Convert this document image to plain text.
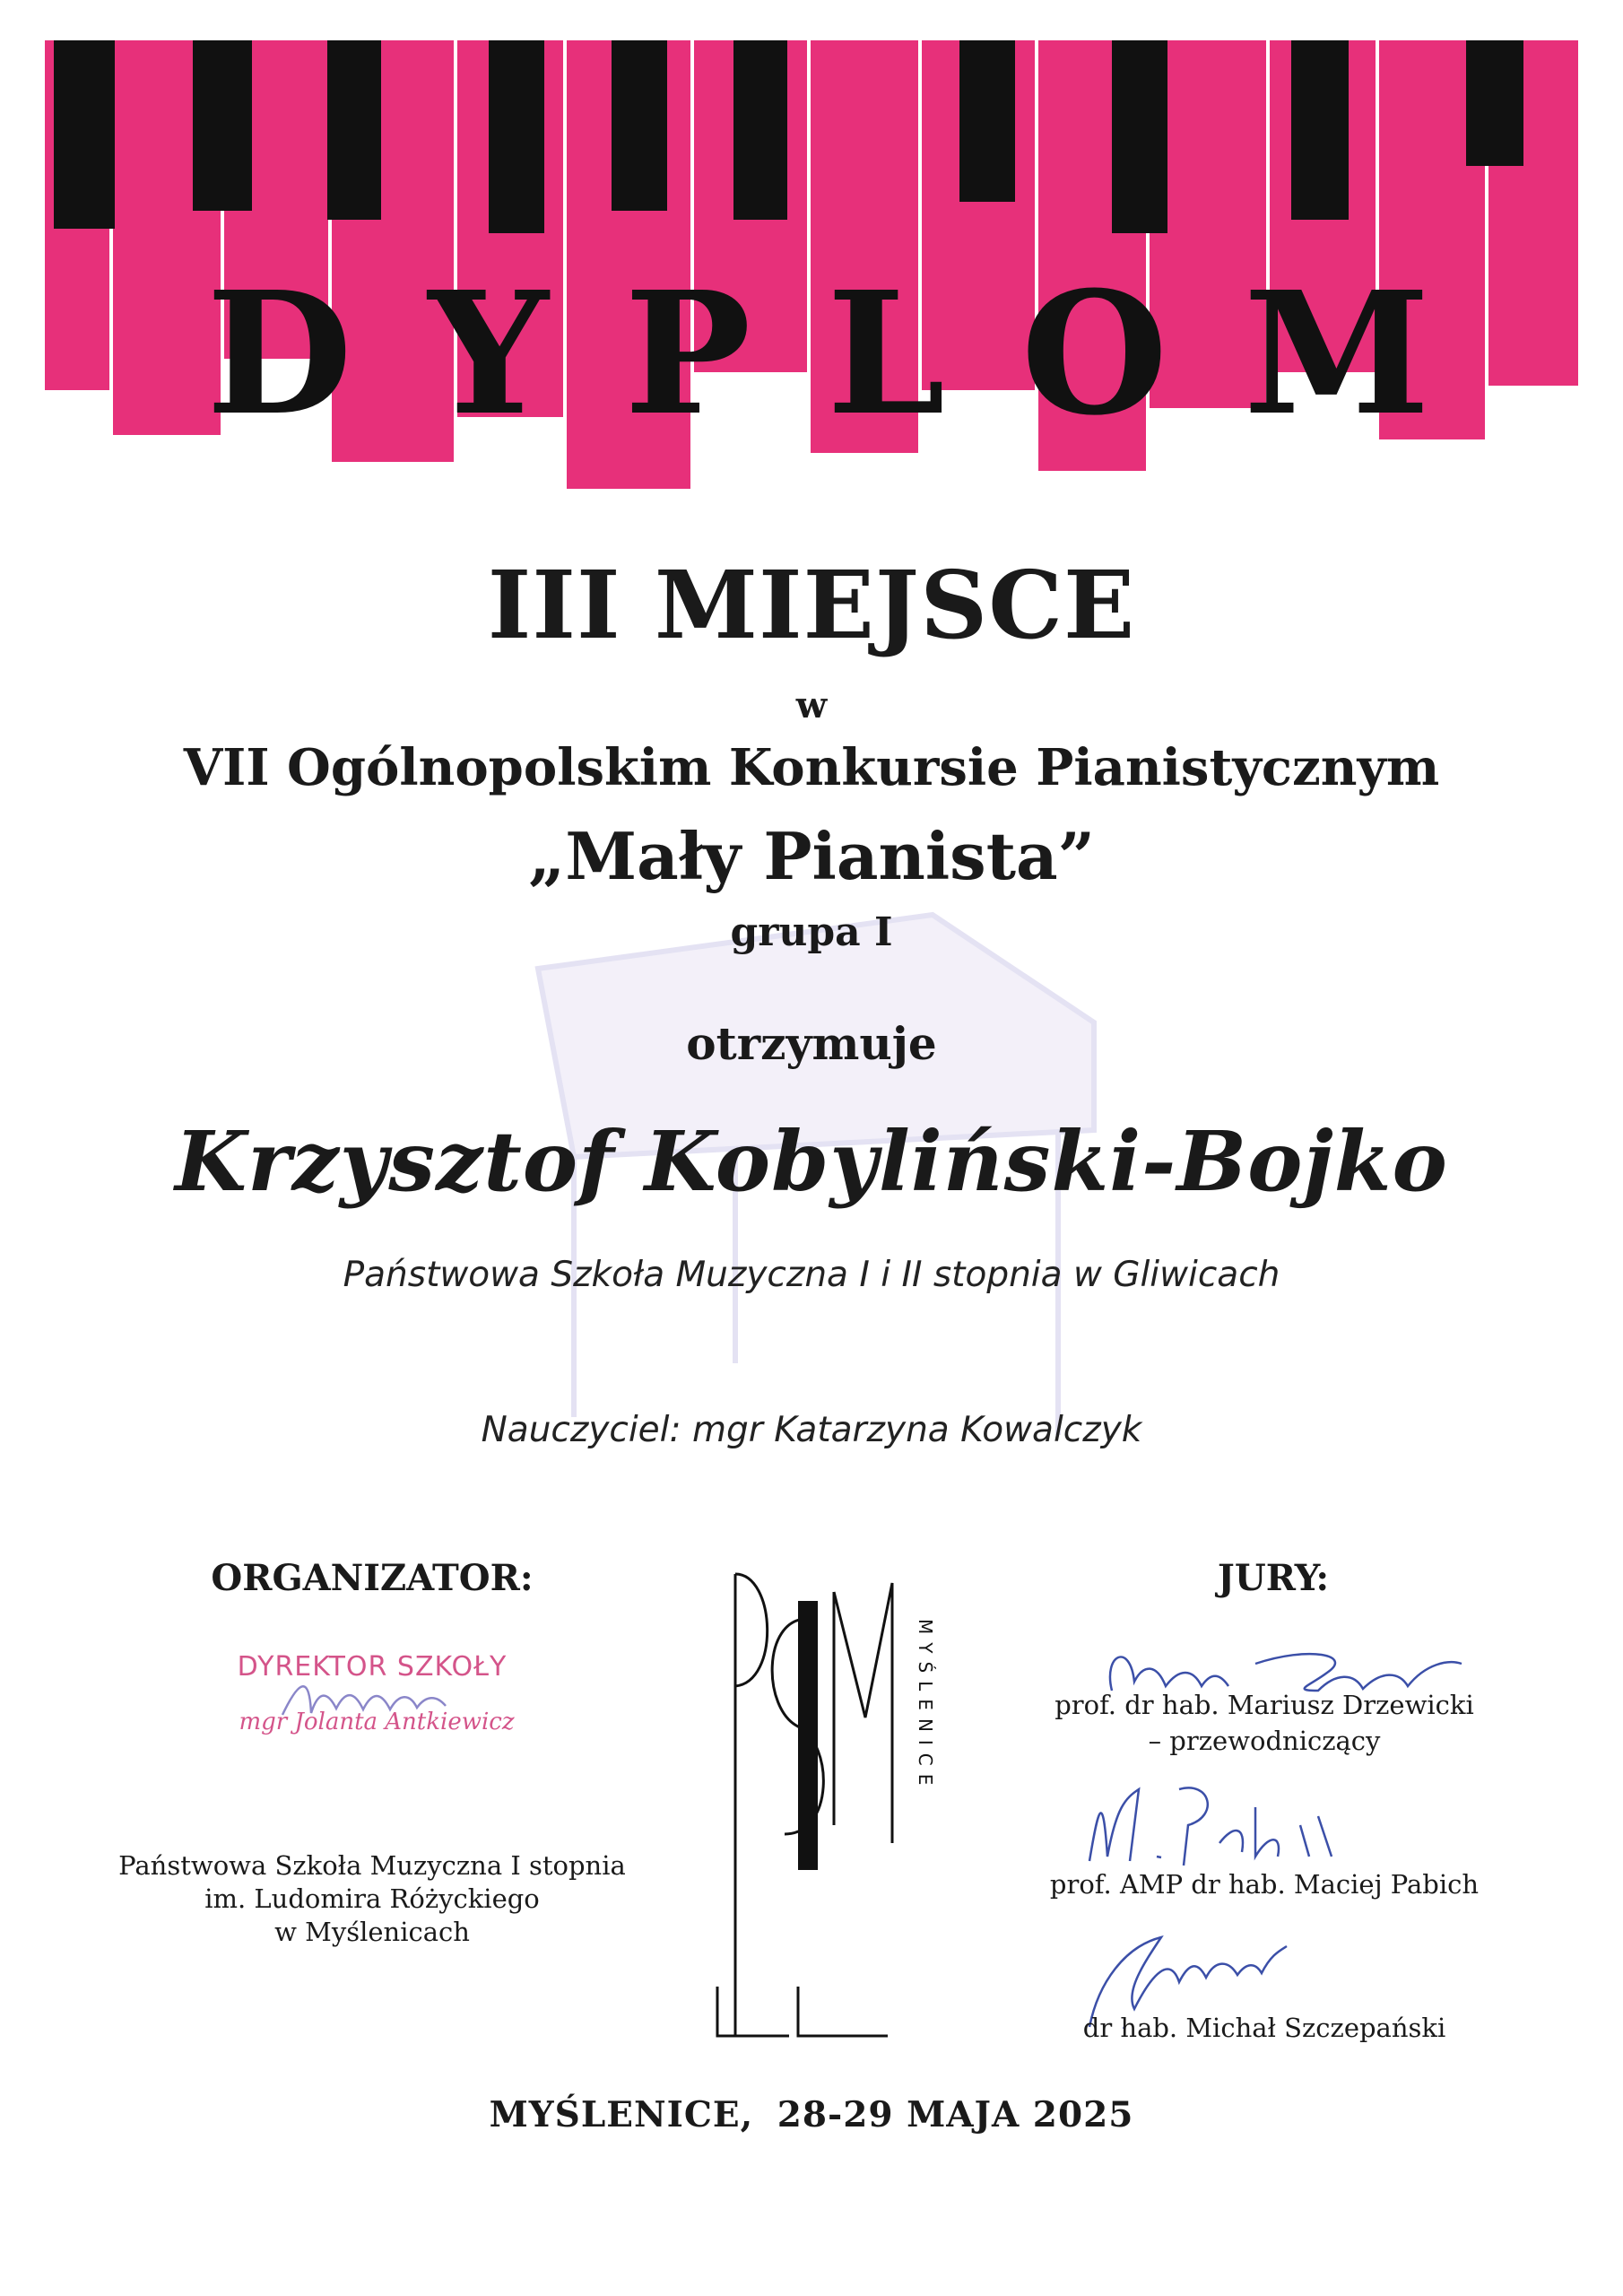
D Y P L O M
III MIEJSCE
w
VII Ogólnopolskim Konkursie Pianistycznym
„Mały Pianista”
grupa I
otrzymuje
Krzysztof Kobyliński-Bojko
Państwowa Szkoła Muzyczna I i II stopnia w Gliwicach
Nauczyciel: mgr Katarzyna Kowalczyk
ORGANIZATOR:
DYREKTOR SZKOŁY
mgr Jolanta Antkiewicz
Państwowa Szkoła Muzyczna I stopnia
im. Ludomira Różyckiego
w Myślenicach
MYŚLENICE
JURY:
prof. dr hab. Mariusz Drzewicki
– przewodniczący
prof. AMP dr hab. Maciej Pabich
dr hab. Michał Szczepański
MYŚLENICE, 28-29 MAJA 2025
